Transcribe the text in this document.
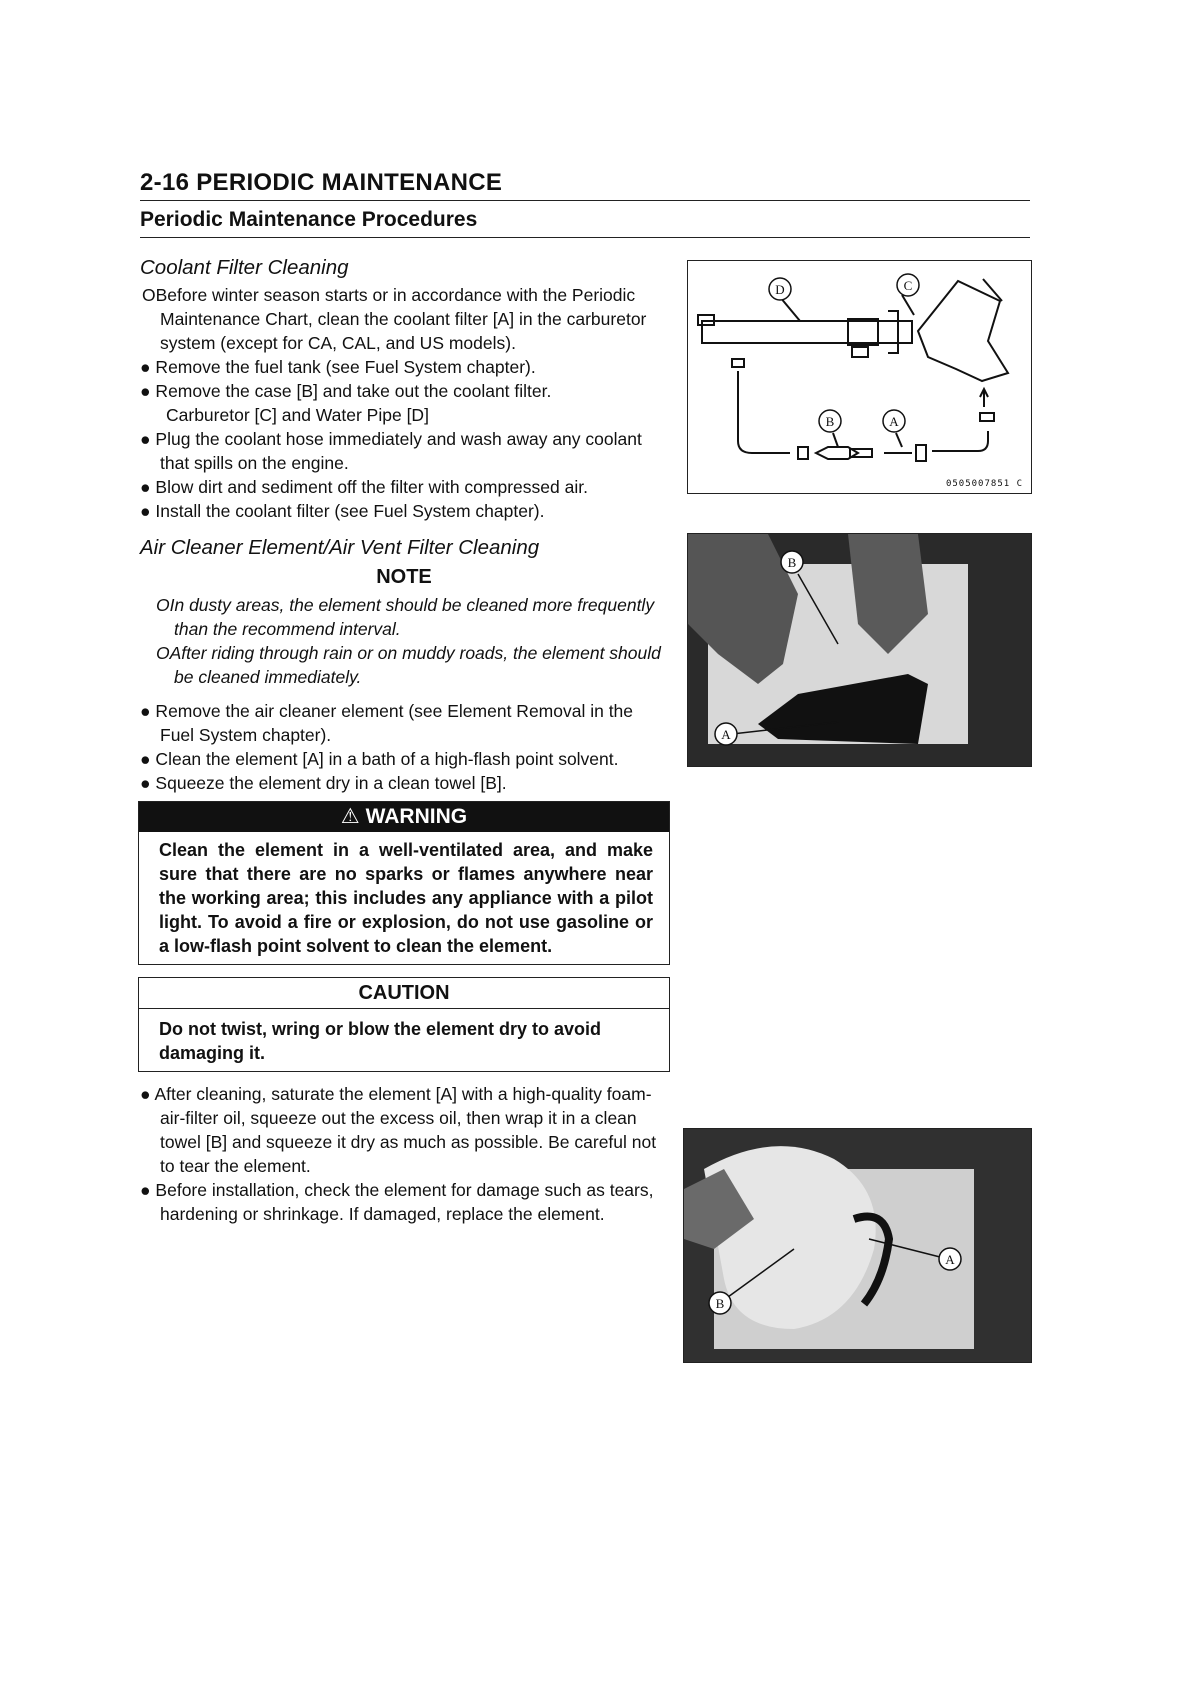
2-16 PERIODIC MAINTENANCE
Periodic Maintenance Procedures
Coolant Filter Cleaning

OBefore winter season starts or in accordance with the Periodic Maintenance Chart, clean the coolant filter [A] in the carburetor system (except for CA, CAL, and US models).

● Remove the fuel tank (see Fuel System chapter).

● Remove the case [B] and take out the coolant filter.

Carburetor [C] and Water Pipe [D]

● Plug the coolant hose immediately and wash away any coolant that spills on the engine.

● Blow dirt and sediment off the filter with compressed air.

● Install the coolant filter (see Fuel System chapter).

Air Cleaner Element/Air Vent Filter Cleaning
NOTE

OIn dusty areas, the element should be cleaned more frequently than the recommend interval.

OAfter riding through rain or on muddy roads, the element should be cleaned immediately.

● Remove the air cleaner element (see Element Removal in the Fuel System chapter).

● Clean the element [A] in a bath of a high-flash point solvent.

● Squeeze the element dry in a clean towel [B].

⚠ WARNING
Clean the element in a well-ventilated area, and make sure that there are no sparks or flames anywhere near the working area; this includes any appliance with a pilot light. To avoid a fire or explosion, do not use gasoline or a low-flash point solvent to clean the element.
CAUTION
Do not twist, wring or blow the element dry to avoid damaging it.

● After cleaning, saturate the element [A] with a high-quality foam-air-filter oil, squeeze out the excess oil, then wrap it in a clean towel [B] and squeeze it dry as much as possible. Be careful not to tear the element.

● Before installation, check the element for damage such as tears, hardening or shrinkage. If damaged, replace the element.

D	C
B	A
0505007851 C
B
A
A
B
